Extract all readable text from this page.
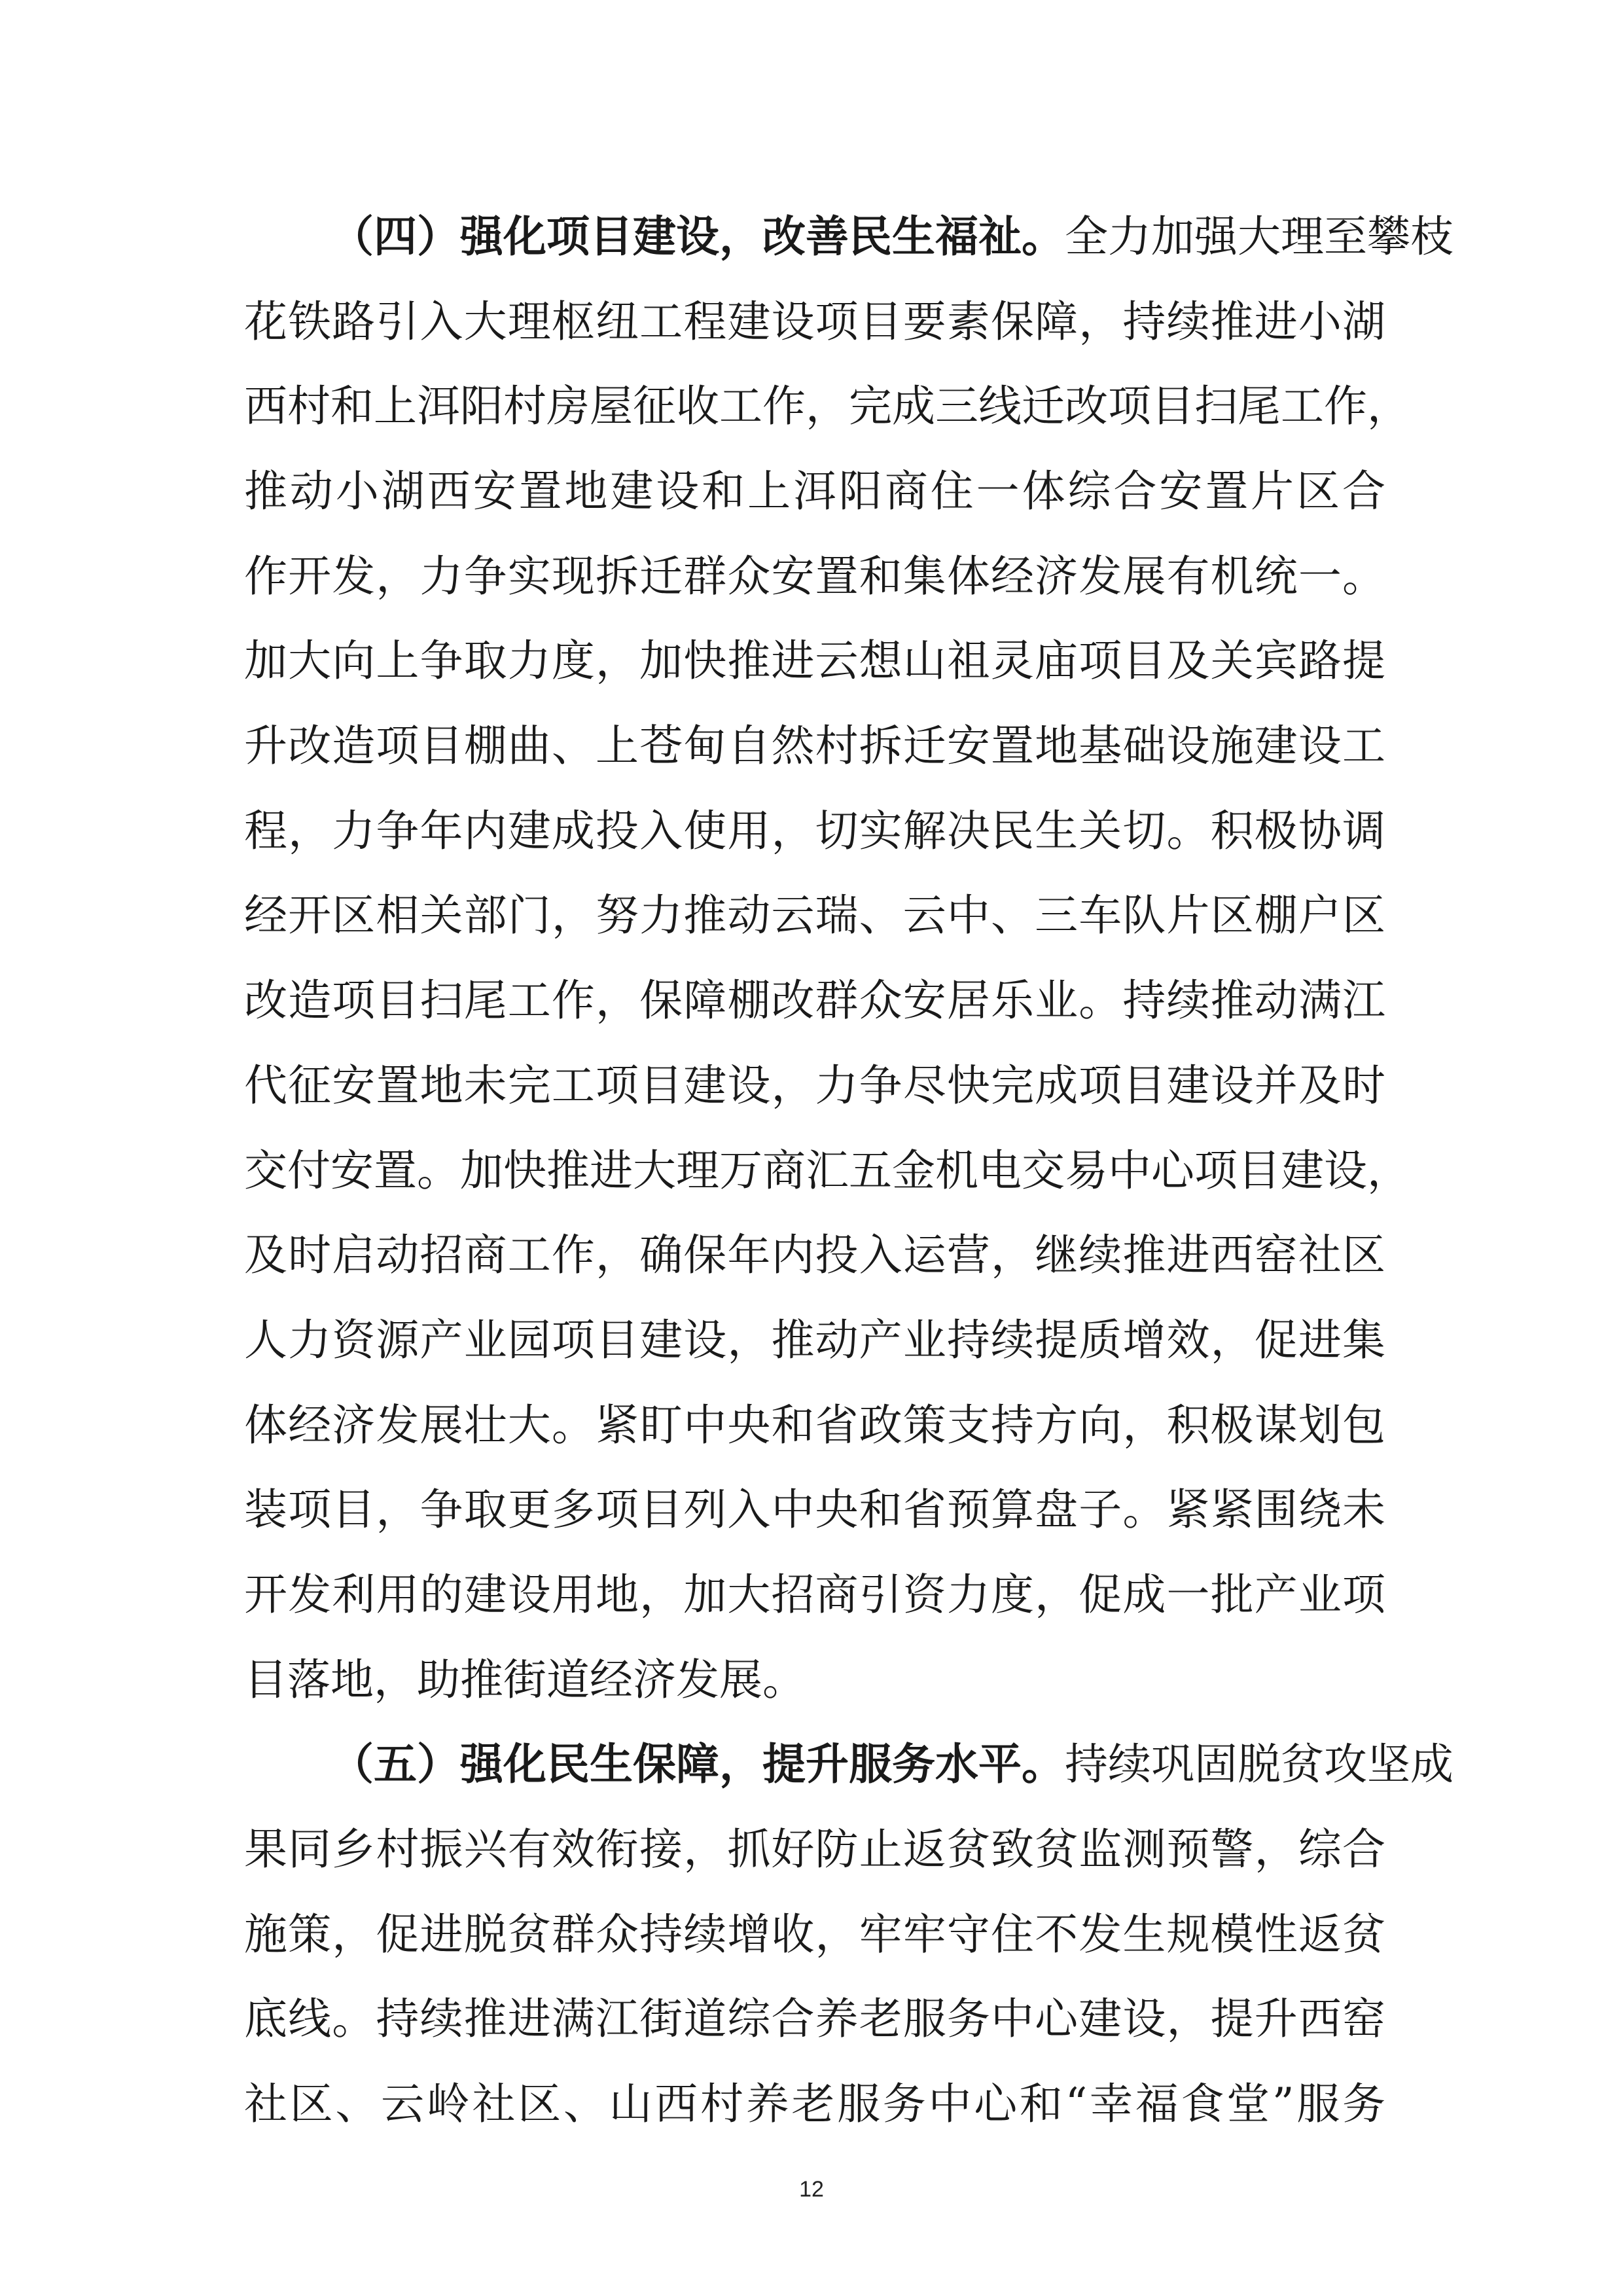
（四）强化项目建设，改善民生福祉。全力加强大理至攀枝
花铁路引入大理枢纽工程建设项目要素保障，持续推进小湖
西村和上洱阳村房屋征收工作，完成三线迁改项目扫尾工作，
推动小湖西安置地建设和上洱阳商住一体综合安置片区合
作开发，力争实现拆迁群众安置和集体经济发展有机统一。
加大向上争取力度，加快推进云想山祖灵庙项目及关宾路提
升改造项目棚曲、上苍甸自然村拆迁安置地基础设施建设工
程，力争年内建成投入使用，切实解决民生关切。积极协调
经开区相关部门，努力推动云瑞、云中、三车队片区棚户区
改造项目扫尾工作，保障棚改群众安居乐业。持续推动满江
代征安置地未完工项目建设，力争尽快完成项目建设并及时
交付安置。加快推进大理万商汇五金机电交易中心项目建设，
及时启动招商工作，确保年内投入运营，继续推进西窑社区
人力资源产业园项目建设，推动产业持续提质增效，促进集
体经济发展壮大。紧盯中央和省政策支持方向，积极谋划包
装项目，争取更多项目列入中央和省预算盘子。紧紧围绕未
开发利用的建设用地，加大招商引资力度，促成一批产业项
目落地，助推街道经济发展。
（五）强化民生保障，提升服务水平。持续巩固脱贫攻坚成
果同乡村振兴有效衔接，抓好防止返贫致贫监测预警，综合
施策，促进脱贫群众持续增收，牢牢守住不发生规模性返贫
底线。持续推进满江街道综合养老服务中心建设，提升西窑
12
社区、云岭社区、山西村养老服务中心和“幸福食堂”服务
